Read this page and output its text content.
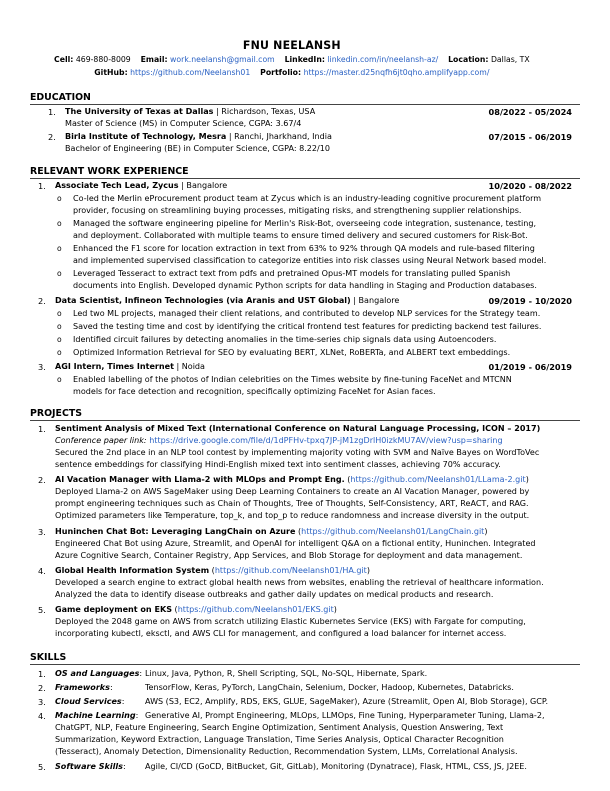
FNU NEELANSH
Cell: 469-880-8009 Email: work.neelansh@gmail.com LinkedIn: linkedin.com/in/neelansh-az/ Location: Dallas, TX
GitHub: https://github.com/Neelansh01 Portfolio: https://master.d25nqfh6jt0qho.amplifyapp.com/
EDUCATION
1. The University of Texas at Dallas | Richardson, Texas, USA	08/2022 - 05/2024
Master of Science (MS) in Computer Science, CGPA: 3.67/4
2. Birla Institute of Technology, Mesra | Ranchi, Jharkhand, India	07/2015 - 06/2019
Bachelor of Engineering (BE) in Computer Science, CGPA: 8.22/10
RELEVANT WORK EXPERIENCE
1. Associate Tech Lead, Zycus | Bangalore	10/2020 - 08/2022
o Co-led the Merlin eProcurement product team at Zycus which is an industry-leading cognitive procurement platform
provider, focusing on streamlining buying processes, mitigating risks, and strengthening supplier relationships.
o Managed the software engineering pipeline for Merlin's Risk-Bot, overseeing code integration, sustenance, testing,
and deployment. Collaborated with multiple teams to ensure timed delivery and secured customers for Risk-Bot.
o Enhanced the F1 score for location extraction in text from 63% to 92% through QA models and rule-based filtering
and implemented supervised classification to categorize entities into risk classes using Neural Network based model.
o Leveraged Tesseract to extract text from pdfs and pretrained Opus-MT models for translating pulled Spanish
documents into English. Developed dynamic Python scripts for data handling in Staging and Production databases.
2. Data Scientist, Infineon Technologies (via Aranis and UST Global) | Bangalore	09/2019 - 10/2020
o Led two ML projects, managed their client relations, and contributed to develop NLP services for the Strategy team.
o Saved the testing time and cost by identifying the critical frontend test features for predicting backend test failures.
o Identified circuit failures by detecting anomalies in the time-series chip signals data using Autoencoders.
o Optimized Information Retrieval for SEO by evaluating BERT, XLNet, RoBERTa, and ALBERT text embeddings.
3. AGI Intern, Times Internet | Noida	01/2019 - 06/2019
o Enabled labelling of the photos of Indian celebrities on the Times website by fine-tuning FaceNet and MTCNN
models for face detection and recognition, specifically optimizing FaceNet for Asian faces.
PROJECTS
1. Sentiment Analysis of Mixed Text (International Conference on Natural Language Processing, ICON – 2017)
Conference paper link: https://drive.google.com/file/d/1dPFHv-tpxq7JP-jM1zgDrlH0izkMU7AV/view?usp=sharing
Secured the 2nd place in an NLP tool contest by implementing majority voting with SVM and Naïve Bayes on WordToVec
sentence embeddings for classifying Hindi-English mixed text into sentiment classes, achieving 70% accuracy.
2. AI Vacation Manager with Llama-2 with MLOps and Prompt Eng. (https://github.com/Neelansh01/LLama-2.git)
Deployed Llama-2 on AWS SageMaker using Deep Learning Containers to create an AI Vacation Manager, powered by
prompt engineering techniques such as Chain of Thoughts, Tree of Thoughts, Self-Consistency, ART, ReACT, and RAG.
Optimized parameters like Temperature, top_k, and top_p to reduce randomness and increase diversity in the output.
3. Huninchen Chat Bot: Leveraging LangChain on Azure (https://github.com/Neelansh01/LangChain.git)
Engineered Chat Bot using Azure, Streamlit, and OpenAI for intelligent Q&A on a fictional entity, Huninchen. Integrated
Azure Cognitive Search, Container Registry, App Services, and Blob Storage for deployment and data management.
4. Global Health Information System (https://github.com/Neelansh01/HA.git)
Developed a search engine to extract global health news from websites, enabling the retrieval of healthcare information.
Analyzed the data to identify disease outbreaks and gather daily updates on medical products and research.
5. Game deployment on EKS (https://github.com/Neelansh01/EKS.git)
Deployed the 2048 game on AWS from scratch utilizing Elastic Kubernetes Service (EKS) with Fargate for computing,
incorporating kubectl, eksctl, and AWS CLI for management, and configured a load balancer for internet access.
SKILLS
1. OS and Languages: Linux, Java, Python, R, Shell Scripting, SQL, No-SQL, Hibernate, Spark.
2. Frameworks:	TensorFlow, Keras, PyTorch, LangChain, Selenium, Docker, Hadoop, Kubernetes, Databricks.
3. Cloud Services:	AWS (S3, EC2, Amplify, RDS, EKS, GLUE, SageMaker), Azure (Streamlit, Open AI, Blob Storage), GCP.
4. Machine Learning: Generative AI, Prompt Engineering, MLOps, LLMOps, Fine Tuning, Hyperparameter Tuning, Llama-2,
ChatGPT, NLP, Feature Engineering, Search Engine Optimization, Sentiment Analysis, Question Answering, Text
Summarization, Keyword Extraction, Language Translation, Time Series Analysis, Optical Character Recognition
(Tesseract), Anomaly Detection, Dimensionality Reduction, Recommendation System, LLMs, Correlational Analysis.
5. Software Skills: Agile, CI/CD (GoCD, BitBucket, Git, GitLab), Monitoring (Dynatrace), Flask, HTML, CSS, JS, J2EE.
